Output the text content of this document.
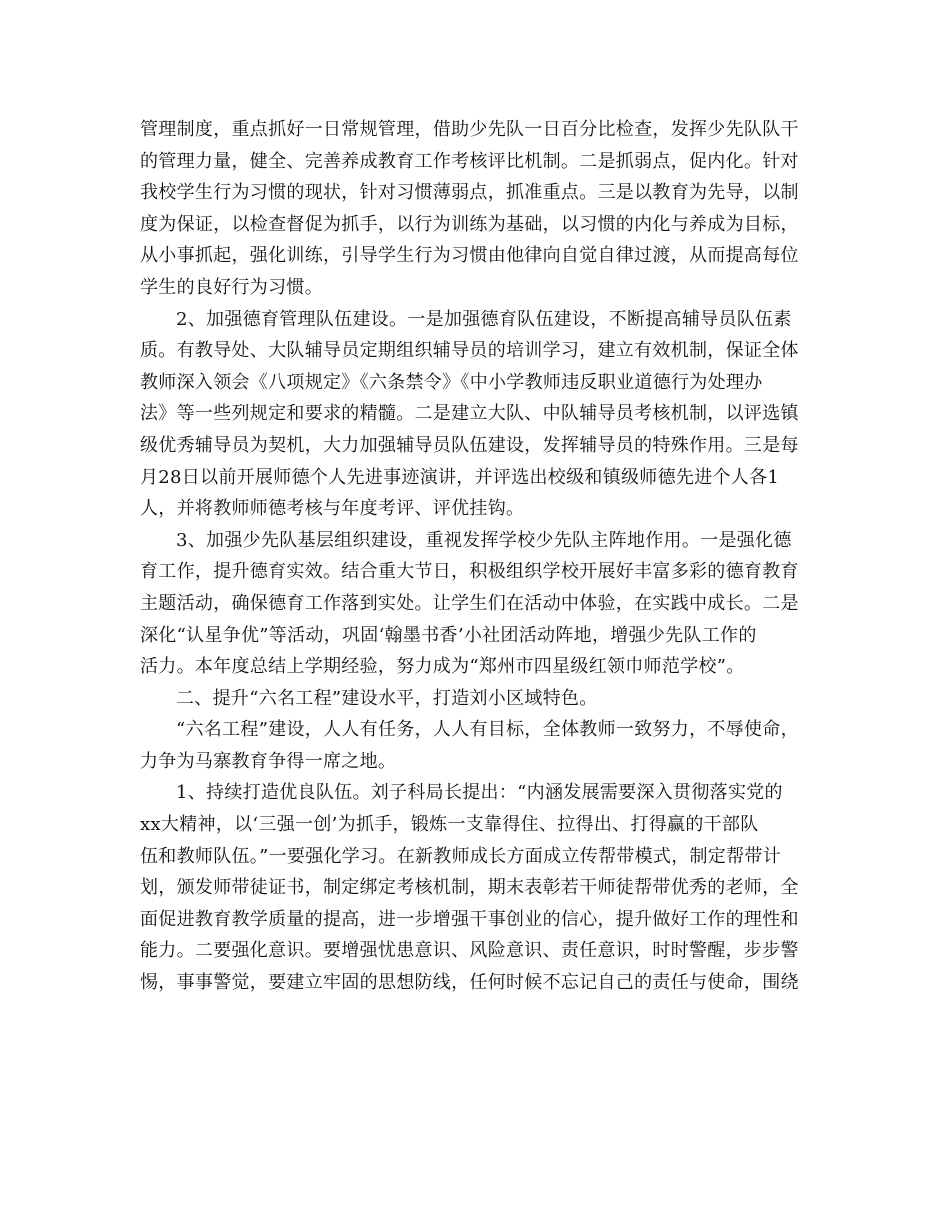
管理制度，重点抓好一日常规管理，借助少先队一日百分比检查，发挥少先队队干
的管理力量，健全、完善养成教育工作考核评比机制。二是抓弱点，促内化。针对
我校学生行为习惯的现状，针对习惯薄弱点，抓准重点。三是以教育为先导，以制
度为保证，以检查督促为抓手，以行为训练为基础，以习惯的内化与养成为目标，
从小事抓起，强化训练，引导学生行为习惯由他律向自觉自律过渡，从而提高每位
学生的良好行为习惯。
2、加强德育管理队伍建设。一是加强德育队伍建设，不断提高辅导员队伍素
质。有教导处、大队辅导员定期组织辅导员的培训学习，建立有效机制，保证全体
教师深入领会《八项规定》《六条禁令》《中小学教师违反职业道德行为处理办
法》等一些列规定和要求的精髓。二是建立大队、中队辅导员考核机制，以评选镇
级优秀辅导员为契机，大力加强辅导员队伍建设，发挥辅导员的特殊作用。三是每
月28日以前开展师德个人先进事迹演讲，并评选出校级和镇级师德先进个人各1
人，并将教师师德考核与年度考评、评优挂钩。
3、加强少先队基层组织建设，重视发挥学校少先队主阵地作用。一是强化德
育工作，提升德育实效。结合重大节日，积极组织学校开展好丰富多彩的德育教育
主题活动，确保德育工作落到实处。让学生们在活动中体验，在实践中成长。二是
深化“认星争优”等活动，巩固‘翰墨书香’小社团活动阵地，增强少先队工作的
活力。本年度总结上学期经验，努力成为“郑州市四星级红领巾师范学校”。
二、提升“六名工程”建设水平，打造刘小区域特色。
“六名工程”建设，人人有任务，人人有目标，全体教师一致努力，不辱使命，
力争为马寨教育争得一席之地。
1、持续打造优良队伍。刘子科局长提出：“内涵发展需要深入贯彻落实党的
xx大精神，以‘三强一创’为抓手，锻炼一支靠得住、拉得出、打得赢的干部队
伍和教师队伍。”一要强化学习。在新教师成长方面成立传帮带模式，制定帮带计
划，颁发师带徒证书，制定绑定考核机制，期末表彰若干师徒帮带优秀的老师，全
面促进教育教学质量的提高，进一步增强干事创业的信心，提升做好工作的理性和
能力。二要强化意识。要增强忧患意识、风险意识、责任意识，时时警醒，步步警
惕，事事警觉，要建立牢固的思想防线，任何时候不忘记自己的责任与使命，围绕
